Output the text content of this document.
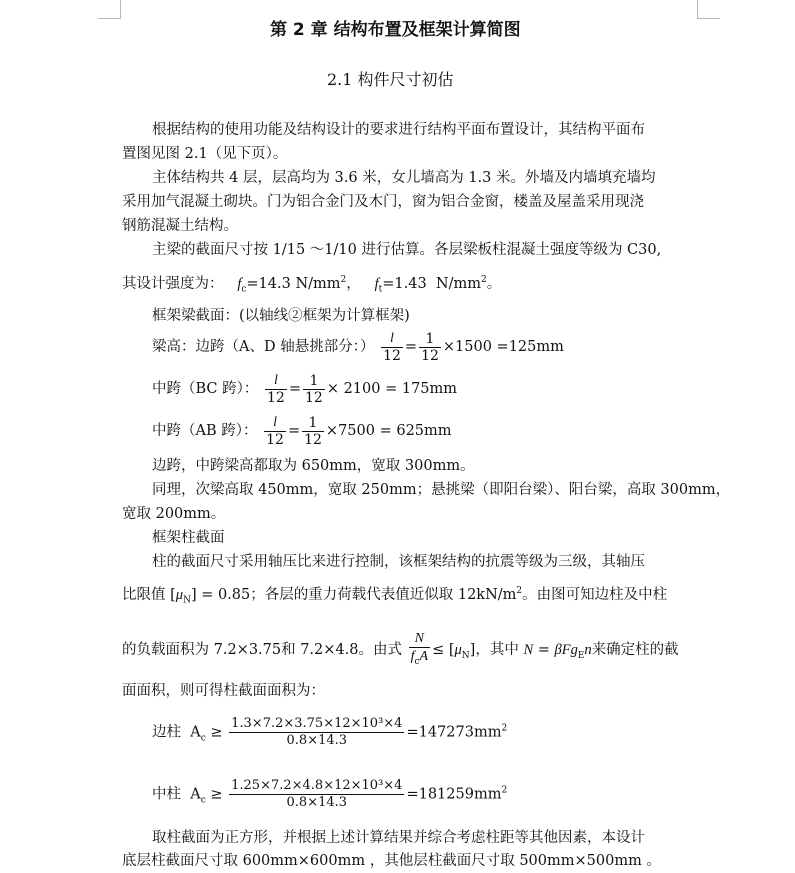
第 2 章 结构布置及框架计算简图
2.1 构件尺寸初估
根据结构的使用功能及结构设计的要求进行结构平面布置设计，其结构平面布
置图见图 2.1（见下页）。
主体结构共 4 层，层高均为 3.6 米，女儿墙高为 1.3 米。外墙及内墙填充墙均
采用加气混凝土砌块。门为铝合金门及木门，窗为铝合金窗，楼盖及屋盖采用现浇
钢筋混凝土结构。
主梁的截面尺寸按 1/15 ～1/10 进行估算。各层梁板柱混凝土强度等级为 C30,
其设计强度为： $f_c=14.3$ $N/mm^2$，   $f_t=1.43$ $N/mm^2$。
框架梁截面：(以轴线②框架为计算框架)
梁高：边跨（A、D 轴悬挑部分：） $\frac{l}{12} = \frac{1}{12} \times 1500 =125mm$
中跨（BC 跨）： $\frac{l}{12} = \frac{1}{12} \times 2100 = 175mm$
中跨（AB 跨）： $\frac{l}{12} = \frac{1}{12} \times 7500 = 625mm$
边跨，中跨梁高都取为 650mm，宽取 300mm。
同理，次梁高取 450mm，宽取 250mm；悬挑梁（即阳台梁）、阳台梁，高取 300mm，
宽取 200mm。
框架柱截面
柱的截面尺寸采用轴压比来进行控制，该框架结构的抗震等级为三级，其轴压
比限值 $[\mu_N] = 0.85$；各层的重力荷载代表值近似取 $12kN/m^2$。由图可知边柱及中柱
的负载面积为 7.2×3.75和 7.2×4.8。由式 $\frac{N}{f_cA} \le [\mu_N]$，其中 N = βFg$_E$n来确定柱的截
面面积，则可得柱截面面积为：
边柱  $A_c \ge \frac{\text{1.3×7.2×3.75×12×10³×4}}{0.8\times 14.3} =147273mm^2$
中柱  $A_c \ge \frac{\text{1.25×7.2×4.8×12×10³×4}}{0.8\times 14.3} =181259mm^2$
取柱截面为正方形，并根据上述计算结果并综合考虑柱距等其他因素，本设计
底层柱截面尺寸取 600mm×600mm ，其他层柱截面尺寸取 500mm×500mm 。
